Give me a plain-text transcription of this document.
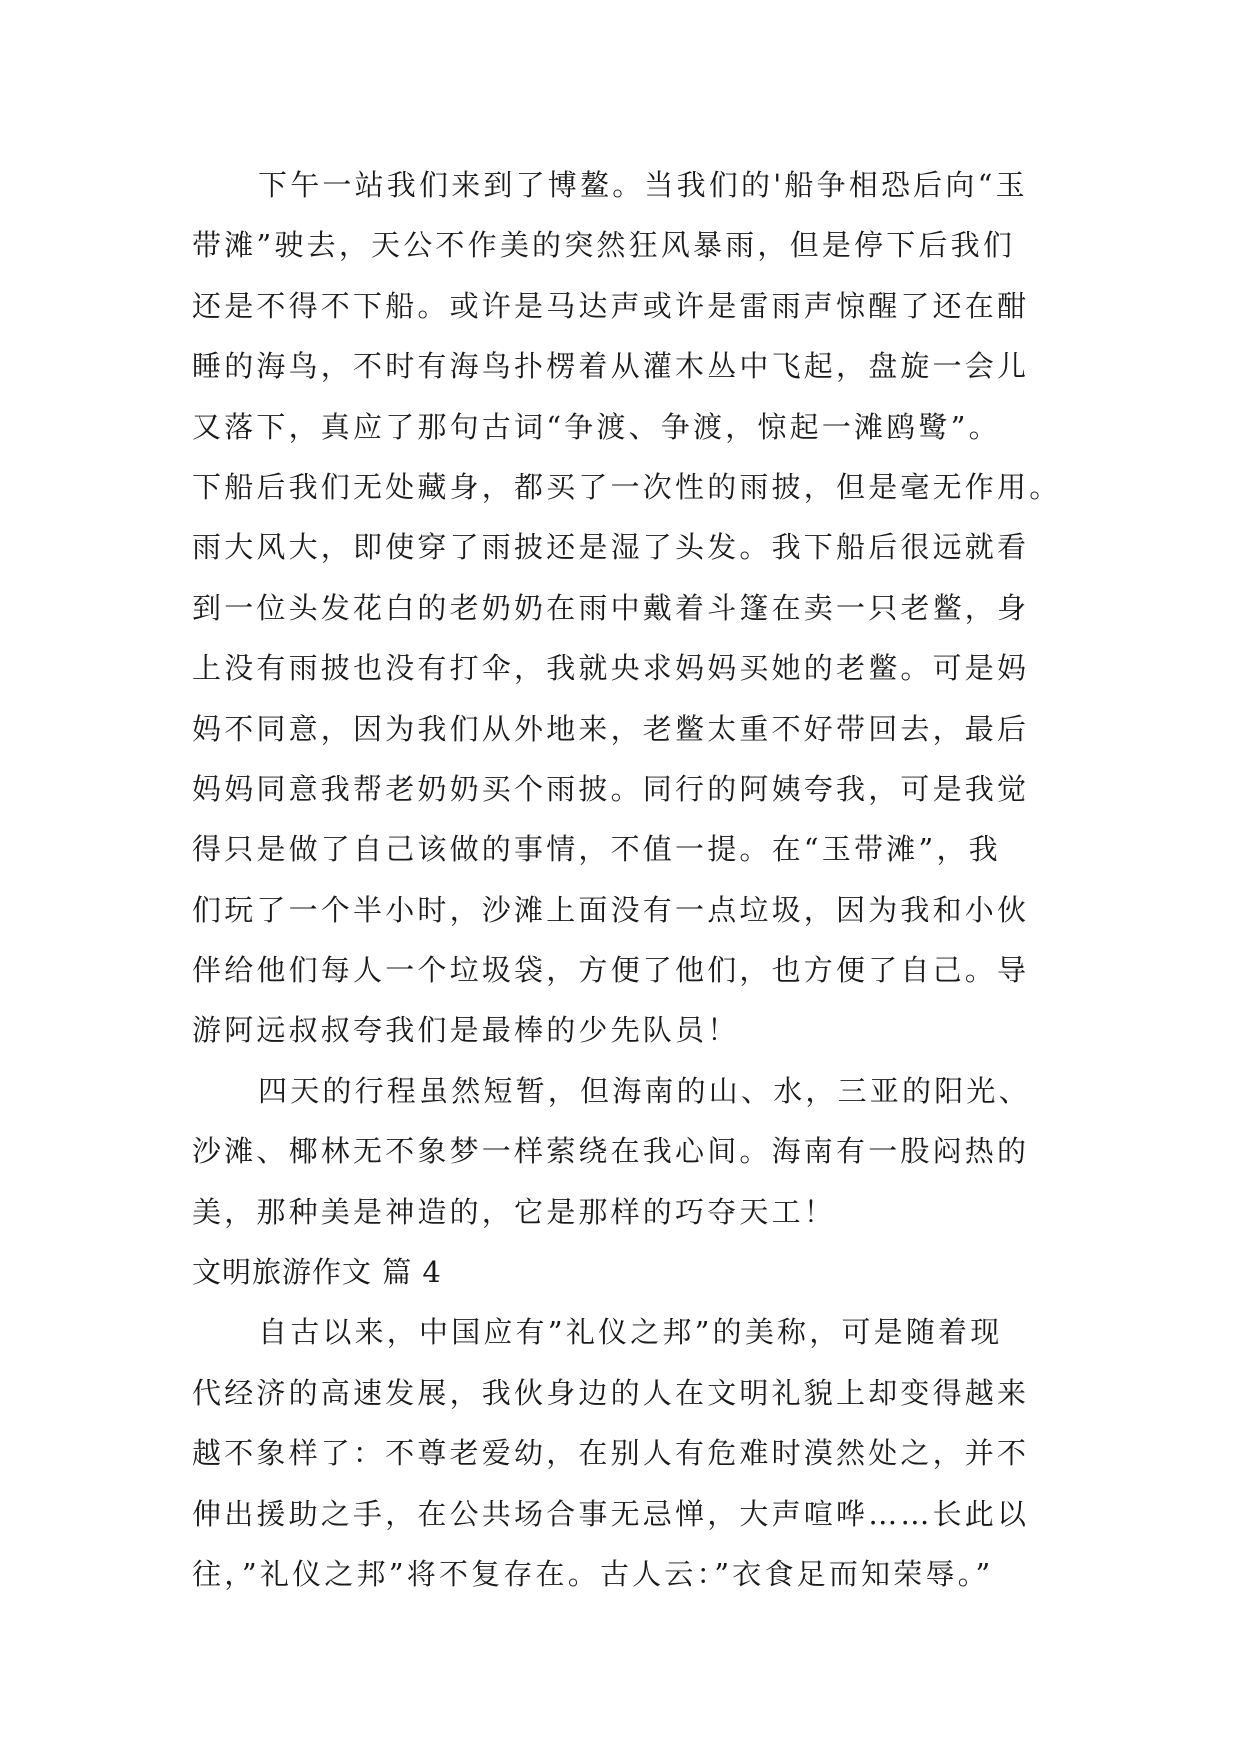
下午一站我们来到了博鳌。当我们的'船争相恐后向“玉
带滩”驶去，天公不作美的突然狂风暴雨，但是停下后我们
还是不得不下船。或许是马达声或许是雷雨声惊醒了还在酣
睡的海鸟，不时有海鸟扑楞着从灌木丛中飞起，盘旋一会儿
又落下，真应了那句古词“争渡、争渡，惊起一滩鸥鹭”。
下船后我们无处藏身，都买了一次性的雨披，但是毫无作用。
雨大风大，即使穿了雨披还是湿了头发。我下船后很远就看
到一位头发花白的老奶奶在雨中戴着斗篷在卖一只老鳖，身
上没有雨披也没有打伞，我就央求妈妈买她的老鳖。可是妈
妈不同意，因为我们从外地来，老鳖太重不好带回去，最后
妈妈同意我帮老奶奶买个雨披。同行的阿姨夸我，可是我觉
得只是做了自己该做的事情，不值一提。在“玉带滩”，我
们玩了一个半小时，沙滩上面没有一点垃圾，因为我和小伙
伴给他们每人一个垃圾袋，方便了他们，也方便了自己。导
游阿远叔叔夸我们是最棒的少先队员！
四天的行程虽然短暂，但海南的山、水，三亚的阳光、
沙滩、椰林无不象梦一样萦绕在我心间。海南有一股闷热的
美，那种美是神造的，它是那样的巧夺天工！
文明旅游作文 篇 4
自古以来，中国应有”礼仪之邦”的美称，可是随着现
代经济的高速发展，我伙身边的人在文明礼貌上却变得越来
越不象样了：不尊老爱幼，在别人有危难时漠然处之，并不
伸出援助之手，在公共场合事无忌惮，大声喧哗……长此以
往，”礼仪之邦”将不复存在。古人云：”衣食足而知荣辱。”
